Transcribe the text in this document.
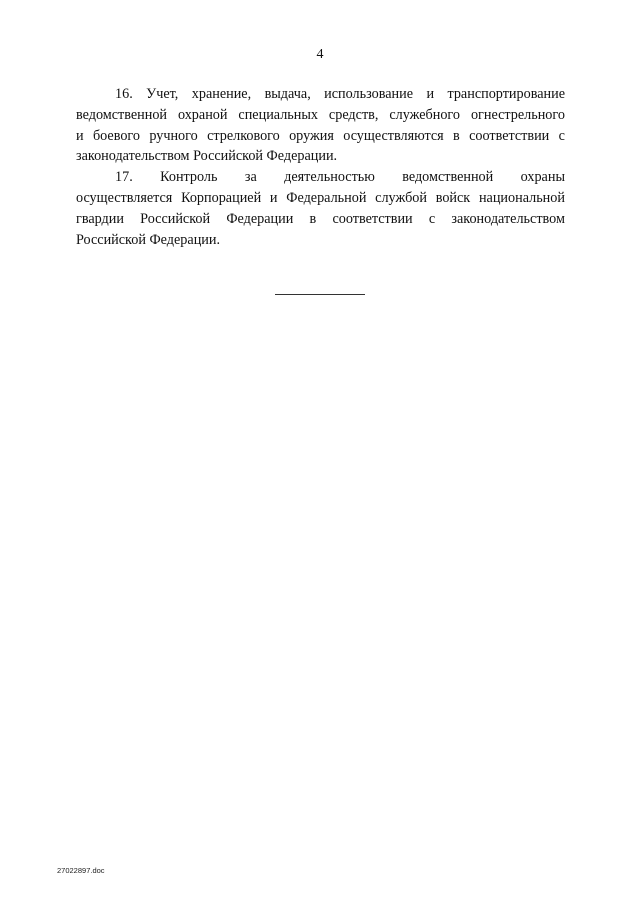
4
16. Учет, хранение, выдача, использование и транспортирование
ведомственной охраной специальных средств, служебного огнестрельного
и боевого ручного стрелкового оружия осуществляются в соответствии с
законодательством Российской Федерации.
17. Контроль за деятельностью ведомственной охраны
осуществляется Корпорацией и Федеральной службой войск национальной
гвардии Российской Федерации в соответствии с законодательством
Российской Федерации.
27022897.doc
